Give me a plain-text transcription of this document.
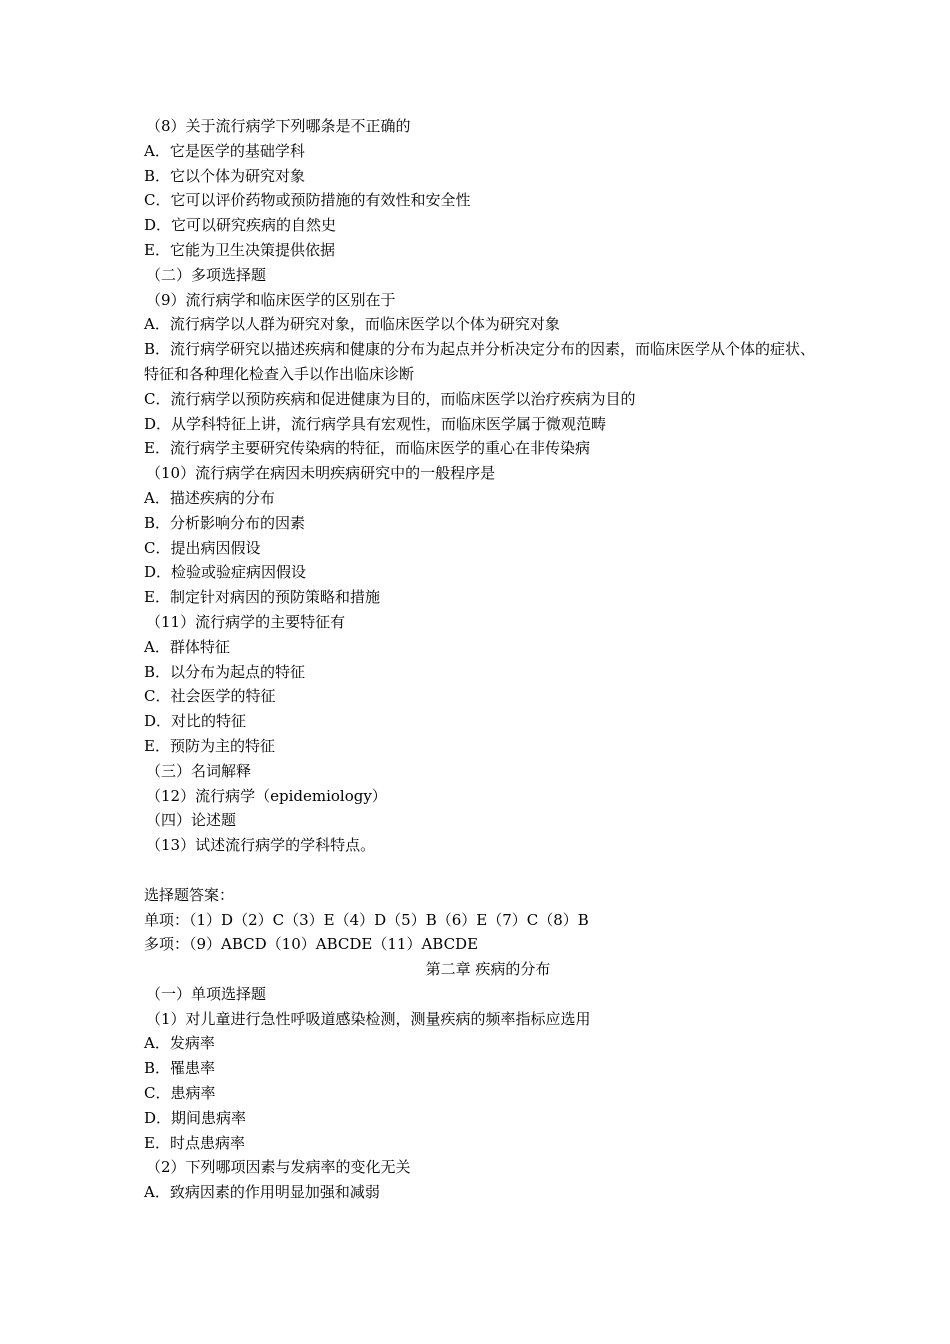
（8）关于流行病学下列哪条是不正确的

A．它是医学的基础学科

B．它以个体为研究对象

C．它可以评价药物或预防措施的有效性和安全性

D．它可以研究疾病的自然史

E．它能为卫生决策提供依据

（二）多项选择题

（9）流行病学和临床医学的区别在于

A．流行病学以人群为研究对象，而临床医学以个体为研究对象

B．流行病学研究以描述疾病和健康的分布为起点并分析决定分布的因素，而临床医学从个体的症状、特征和各种理化检查入手以作出临床诊断

C．流行病学以预防疾病和促进健康为目的，而临床医学以治疗疾病为目的

D．从学科特征上讲，流行病学具有宏观性，而临床医学属于微观范畴

E．流行病学主要研究传染病的特征，而临床医学的重心在非传染病

（10）流行病学在病因未明疾病研究中的一般程序是

A．描述疾病的分布

B．分析影响分布的因素

C．提出病因假设

D．检验或验症病因假设

E．制定针对病因的预防策略和措施

（11）流行病学的主要特征有

A．群体特征

B．以分布为起点的特征

C．社会医学的特征

D．对比的特征

E．预防为主的特征

（三）名词解释

（12）流行病学（epidemiology）

（四）论述题

（13）试述流行病学的学科特点。

选择题答案：

单项：（1）D（2）C（3）E（4）D（5）B（6）E（7）C（8）B

多项：（9）ABCD（10）ABCDE（11）ABCDE

第二章 疾病的分布

（一）单项选择题

（1）对儿童进行急性呼吸道感染检测，测量疾病的频率指标应选用

A．发病率

B．罹患率

C．患病率

D．期间患病率

E．时点患病率

（2）下列哪项因素与发病率的变化无关

A．致病因素的作用明显加强和减弱
